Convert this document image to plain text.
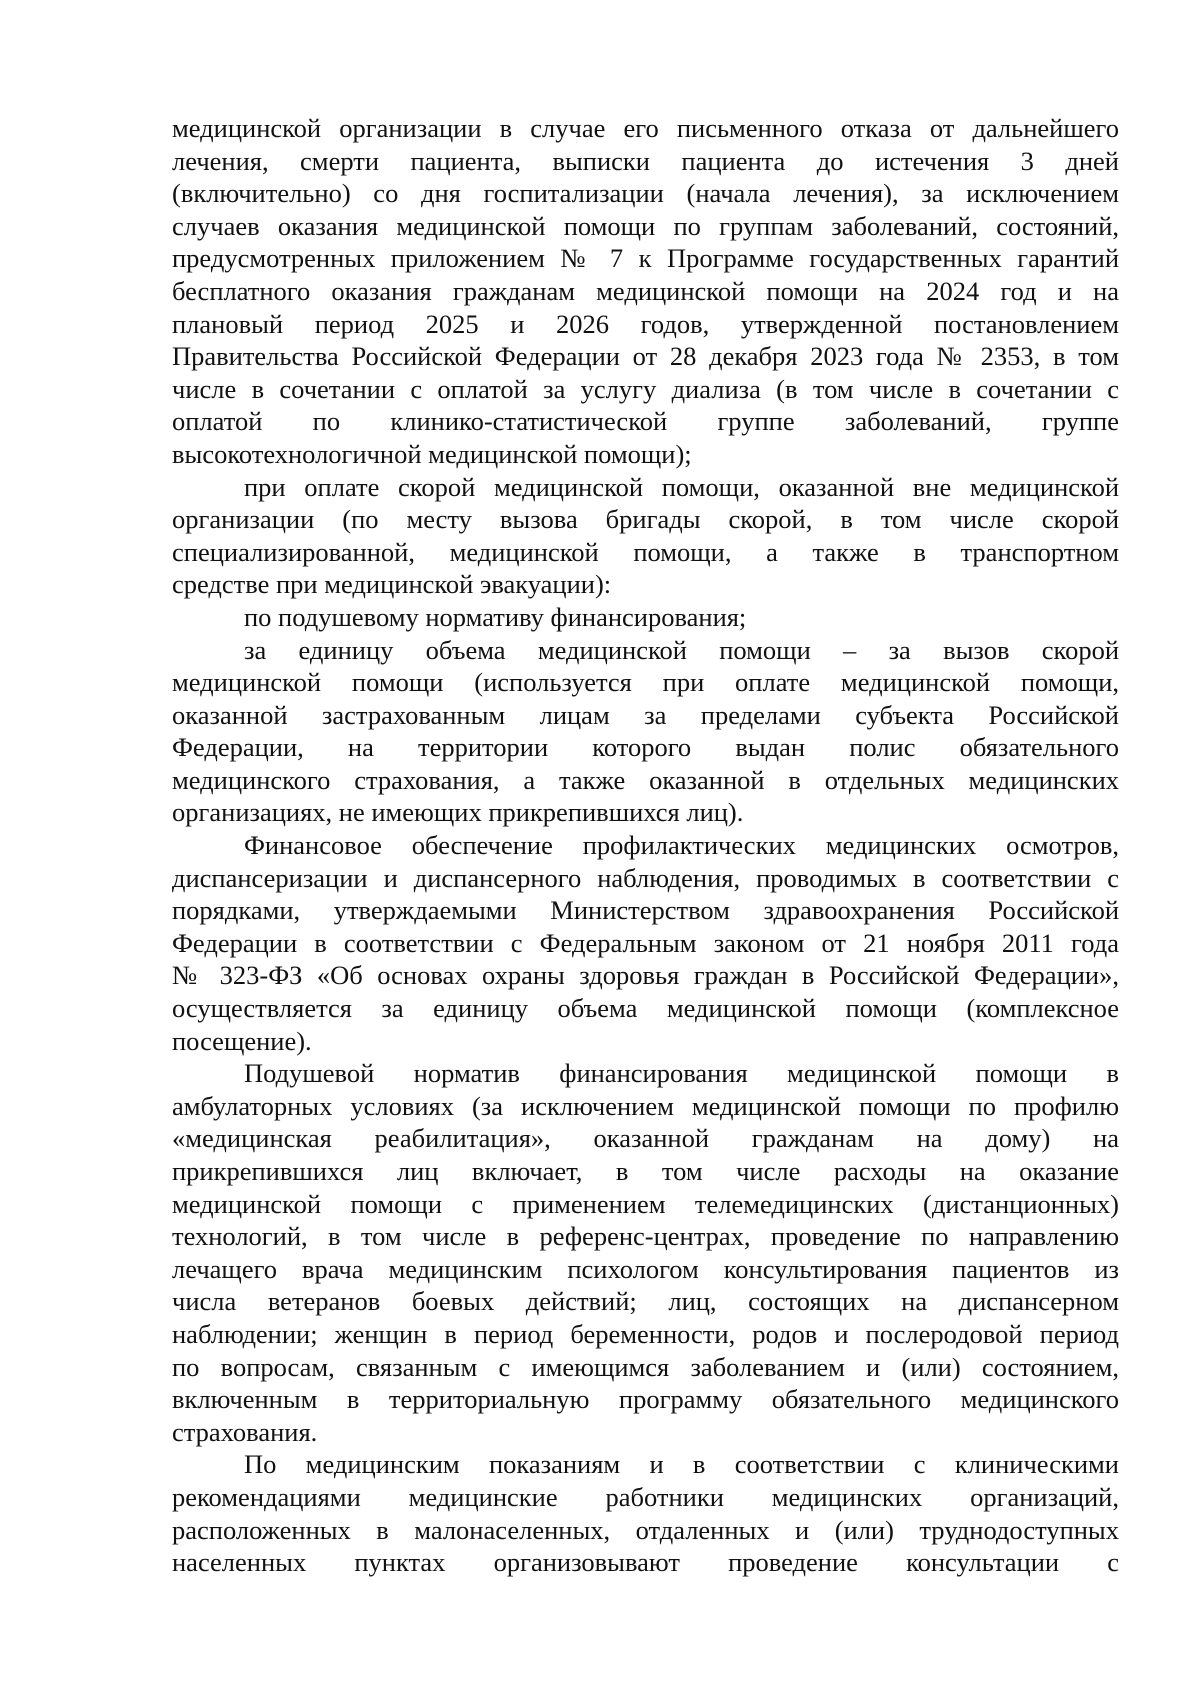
медицинской организации в случае его письменного отказа от дальнейшего
лечения, смерти пациента, выписки пациента до истечения 3 дней
(включительно) со дня госпитализации (начала лечения), за исключением
случаев оказания медицинской помощи по группам заболеваний, состояний,
предусмотренных приложением № 7 к Программе государственных гарантий
бесплатного оказания гражданам медицинской помощи на 2024 год и на
плановый период 2025 и 2026 годов, утвержденной постановлением
Правительства Российской Федерации от 28 декабря 2023 года № 2353, в том
числе в сочетании с оплатой за услугу диализа (в том числе в сочетании с
оплатой по клинико-статистической группе заболеваний, группе
высокотехнологичной медицинской помощи);
при оплате скорой медицинской помощи, оказанной вне медицинской
организации (по месту вызова бригады скорой, в том числе скорой
специализированной, медицинской помощи, а также в транспортном
средстве при медицинской эвакуации):
по подушевому нормативу финансирования;
за единицу объема медицинской помощи – за вызов скорой
медицинской помощи (используется при оплате медицинской помощи,
оказанной застрахованным лицам за пределами субъекта Российской
Федерации, на территории которого выдан полис обязательного
медицинского страхования, а также оказанной в отдельных медицинских
организациях, не имеющих прикрепившихся лиц).
Финансовое обеспечение профилактических медицинских осмотров,
диспансеризации и диспансерного наблюдения, проводимых в соответствии с
порядками, утверждаемыми Министерством здравоохранения Российской
Федерации в соответствии с Федеральным законом от 21 ноября 2011 года
№ 323-ФЗ «Об основах охраны здоровья граждан в Российской Федерации»,
осуществляется за единицу объема медицинской помощи (комплексное
посещение).
Подушевой норматив финансирования медицинской помощи в
амбулаторных условиях (за исключением медицинской помощи по профилю
«медицинская реабилитация», оказанной гражданам на дому) на
прикрепившихся лиц включает, в том числе расходы на оказание
медицинской помощи с применением телемедицинских (дистанционных)
технологий, в том числе в референс-центрах, проведение по направлению
лечащего врача медицинским психологом консультирования пациентов из
числа ветеранов боевых действий; лиц, состоящих на диспансерном
наблюдении; женщин в период беременности, родов и послеродовой период
по вопросам, связанным с имеющимся заболеванием и (или) состоянием,
включенным в территориальную программу обязательного медицинского
страхования.
По медицинским показаниям и в соответствии с клиническими
рекомендациями медицинские работники медицинских организаций,
расположенных в малонаселенных, отдаленных и (или) труднодоступных
населенных пунктах организовывают проведение консультации с
